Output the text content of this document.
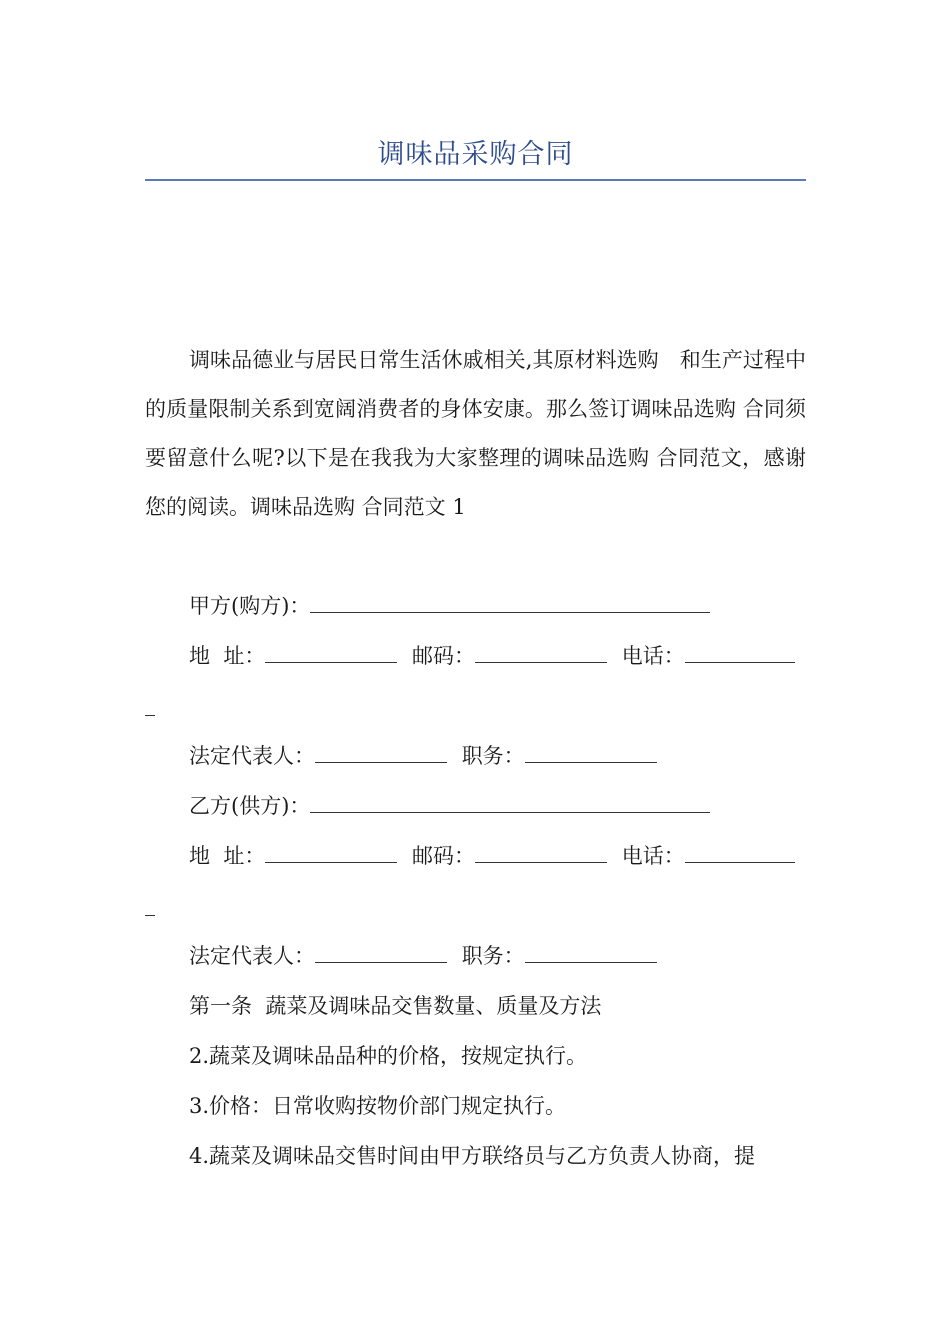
调味品采购合同

调味品德业与居民日常生活休戚相关,其原材料选购　和生产过程中的质量限制关系到宽阔消费者的身体安康。那么签订调味品选购 合同须要留意什么呢?以下是在我我为大家整理的调味品选购 合同范文，感谢您的阅读。调味品选购 合同范文 1

甲方(购方)：
地  址：	邮码：	电话：
法定代表人：	职务：
乙方(供方)：
地  址：	邮码：	电话：
法定代表人：	职务：
第一条  蔬菜及调味品交售数量、质量及方法
2.蔬菜及调味品品种的价格，按规定执行。
3.价格：日常收购按物价部门规定执行。
4.蔬菜及调味品交售时间由甲方联络员与乙方负责人协商，提
